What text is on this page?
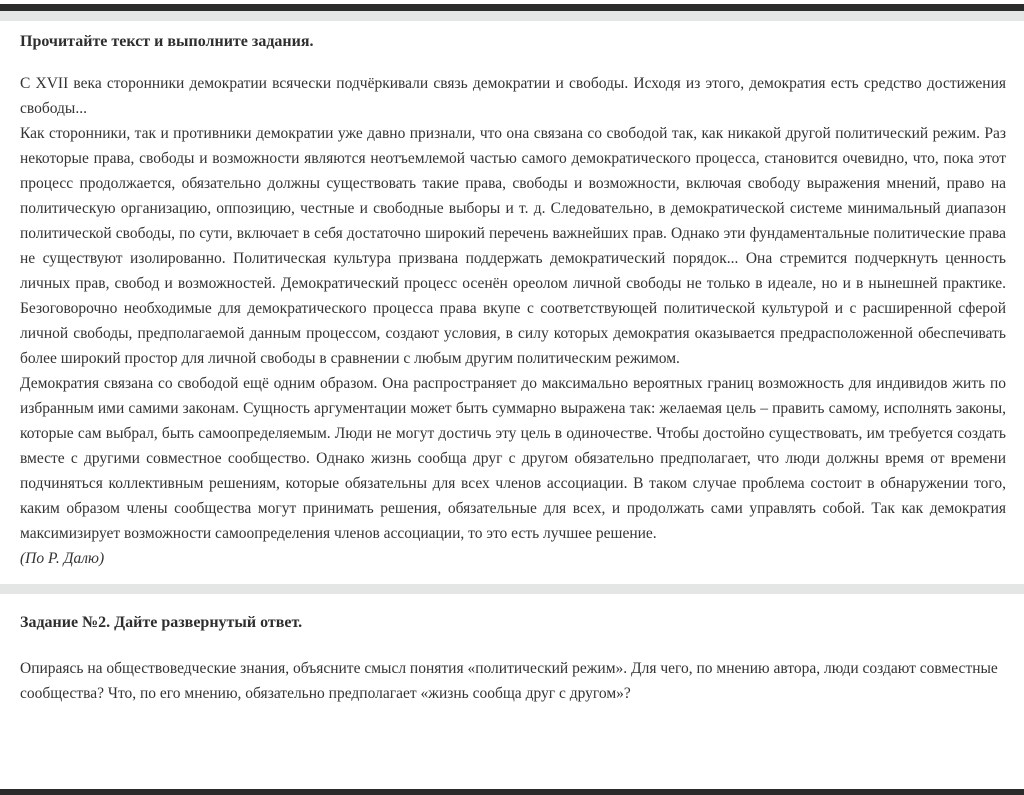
Прочитайте текст и выполните задания.

С XVII века сторонники демократии всячески подчёркивали связь демократии и свободы. Исходя из этого, демократия есть средство достижения свободы...

Как сторонники, так и противники демократии уже давно признали, что она связана со свободой так, как никакой другой политический режим. Раз некоторые права, свободы и возможности являются неотъемлемой частью самого демократического процесса, становится очевидно, что, пока этот процесс продолжается, обязательно должны существовать такие права, свободы и возможности, включая свободу выражения мнений, право на политическую организацию, оппозицию, честные и свободные выборы и т. д. Следовательно, в демократической системе минимальный диапазон политической свободы, по сути, включает в себя достаточно широкий перечень важнейших прав. Однако эти фундаментальные политические права не существуют изолированно. Политическая культура призвана поддержать демократический порядок... Она стремится подчеркнуть ценность личных прав, свобод и возможностей. Демократический процесс осенён ореолом личной свободы не только в идеале, но и в нынешней практике. Безоговорочно необходимые для демократического процесса права вкупе с соответствующей политической культурой и с расширенной сферой личной свободы, предполагаемой данным процессом, создают условия, в силу которых демократия оказывается предрасположенной обеспечивать более широкий простор для личной свободы в сравнении с любым другим политическим режимом.

Демократия связана со свободой ещё одним образом. Она распространяет до максимально вероятных границ возможность для индивидов жить по избранным ими самими законам. Сущность аргументации может быть суммарно выражена так: желаемая цель – править самому, исполнять законы, которые сам выбрал, быть самоопределяемым. Люди не могут достичь эту цель в одиночестве. Чтобы достойно существовать, им требуется создать вместе с другими совместное сообщество. Однако жизнь сообща друг с другом обязательно предполагает, что люди должны время от времени подчиняться коллективным решениям, которые обязательны для всех членов ассоциации. В таком случае проблема состоит в обнаружении того, каким образом члены сообщества могут принимать решения, обязательные для всех, и продолжать сами управлять собой. Так как демократия максимизирует возможности самоопределения членов ассоциации, то это есть лучшее решение.

(По Р. Далю)

Задание №2. Дайте развернутый ответ.

Опираясь на обществоведческие знания, объясните смысл понятия «политический режим». Для чего, по мнению автора, люди создают совместные сообщества? Что, по его мнению, обязательно предполагает «жизнь сообща друг с другом»?
